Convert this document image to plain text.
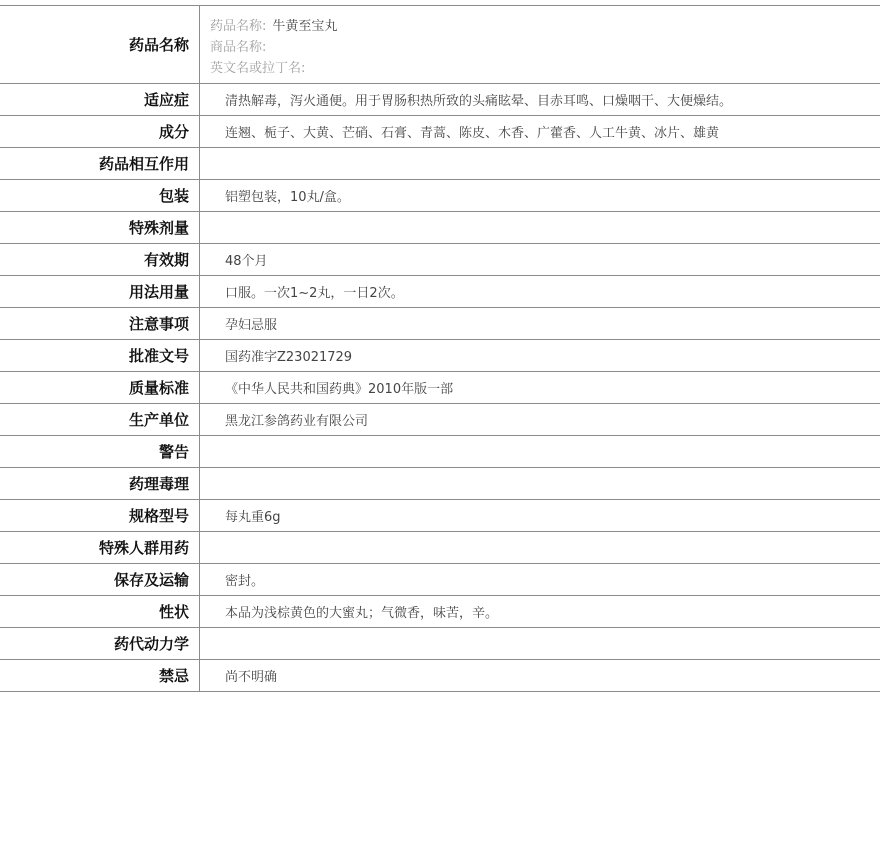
药品名称
药品名称: 牛黄至宝丸
商品名称:
英文名或拉丁名:
适应症	清热解毒，泻火通便。用于胃肠积热所致的头痛眩晕、目赤耳鸣、口燥咽干、大便燥结。
成分	连翘、栀子、大黄、芒硝、石膏、青蒿、陈皮、木香、广藿香、人工牛黄、冰片、雄黄
药品相互作用
包装	铝塑包装，10丸/盒。
特殊剂量
有效期	48个月
用法用量	口服。一次1~2丸，一日2次。
注意事项	孕妇忌服
批准文号	国药准字Z23021729
质量标准	《中华人民共和国药典》2010年版一部
生产单位	黑龙江参鸽药业有限公司
警告
药理毒理
规格型号	每丸重6g
特殊人群用药
保存及运输	密封。
性状	本品为浅棕黄色的大蜜丸；气微香，味苦，辛。
药代动力学
禁忌	尚不明确
